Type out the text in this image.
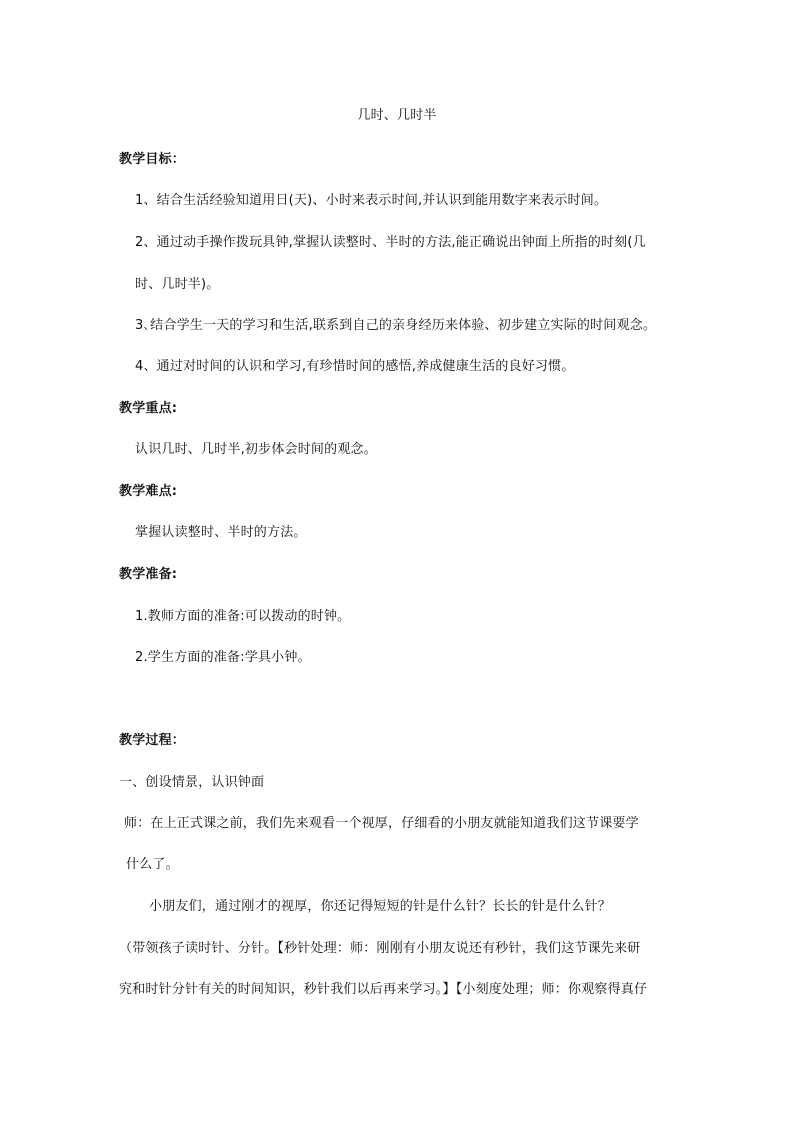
几时、几时半
教学目标：
1、结合生活经验知道用日(天)、小时来表示时间,并认识到能用数字来表示时间。
2、通过动手操作拨玩具钟,掌握认读整时、半时的方法,能正确说出钟面上所指的时刻(几
时、几时半)。
3､结合学生一天的学习和生活,联系到自己的亲身经历来体验、初步建立实际的时间观念。
4、通过对时间的认识和学习,有珍惜时间的感悟,养成健康生活的良好习惯。
教学重点:
认识几时、几时半,初步体会时间的观念。
教学难点:
掌握认读整时、半时的方法。
教学准备:
1.教师方面的准备:可以拨动的时钟。
2.学生方面的准备:学具小钟。
教学过程：
一、创设情景，认识钟面
师：在上正式课之前，我们先来观看一个视厚，仔细看的小朋友就能知道我们这节课要学
什么了。
小朋友们，通过刚才的视厚，你还记得短短的针是什么针？长长的针是什么针？
（带领孩子读时针、分针。【秒针处理：师：刚刚有小朋友说还有秒针，我们这节课先来研
究和时针分针有关的时间知识，秒针我们以后再来学习。】【小刻度处理；师：你观察得真仔
